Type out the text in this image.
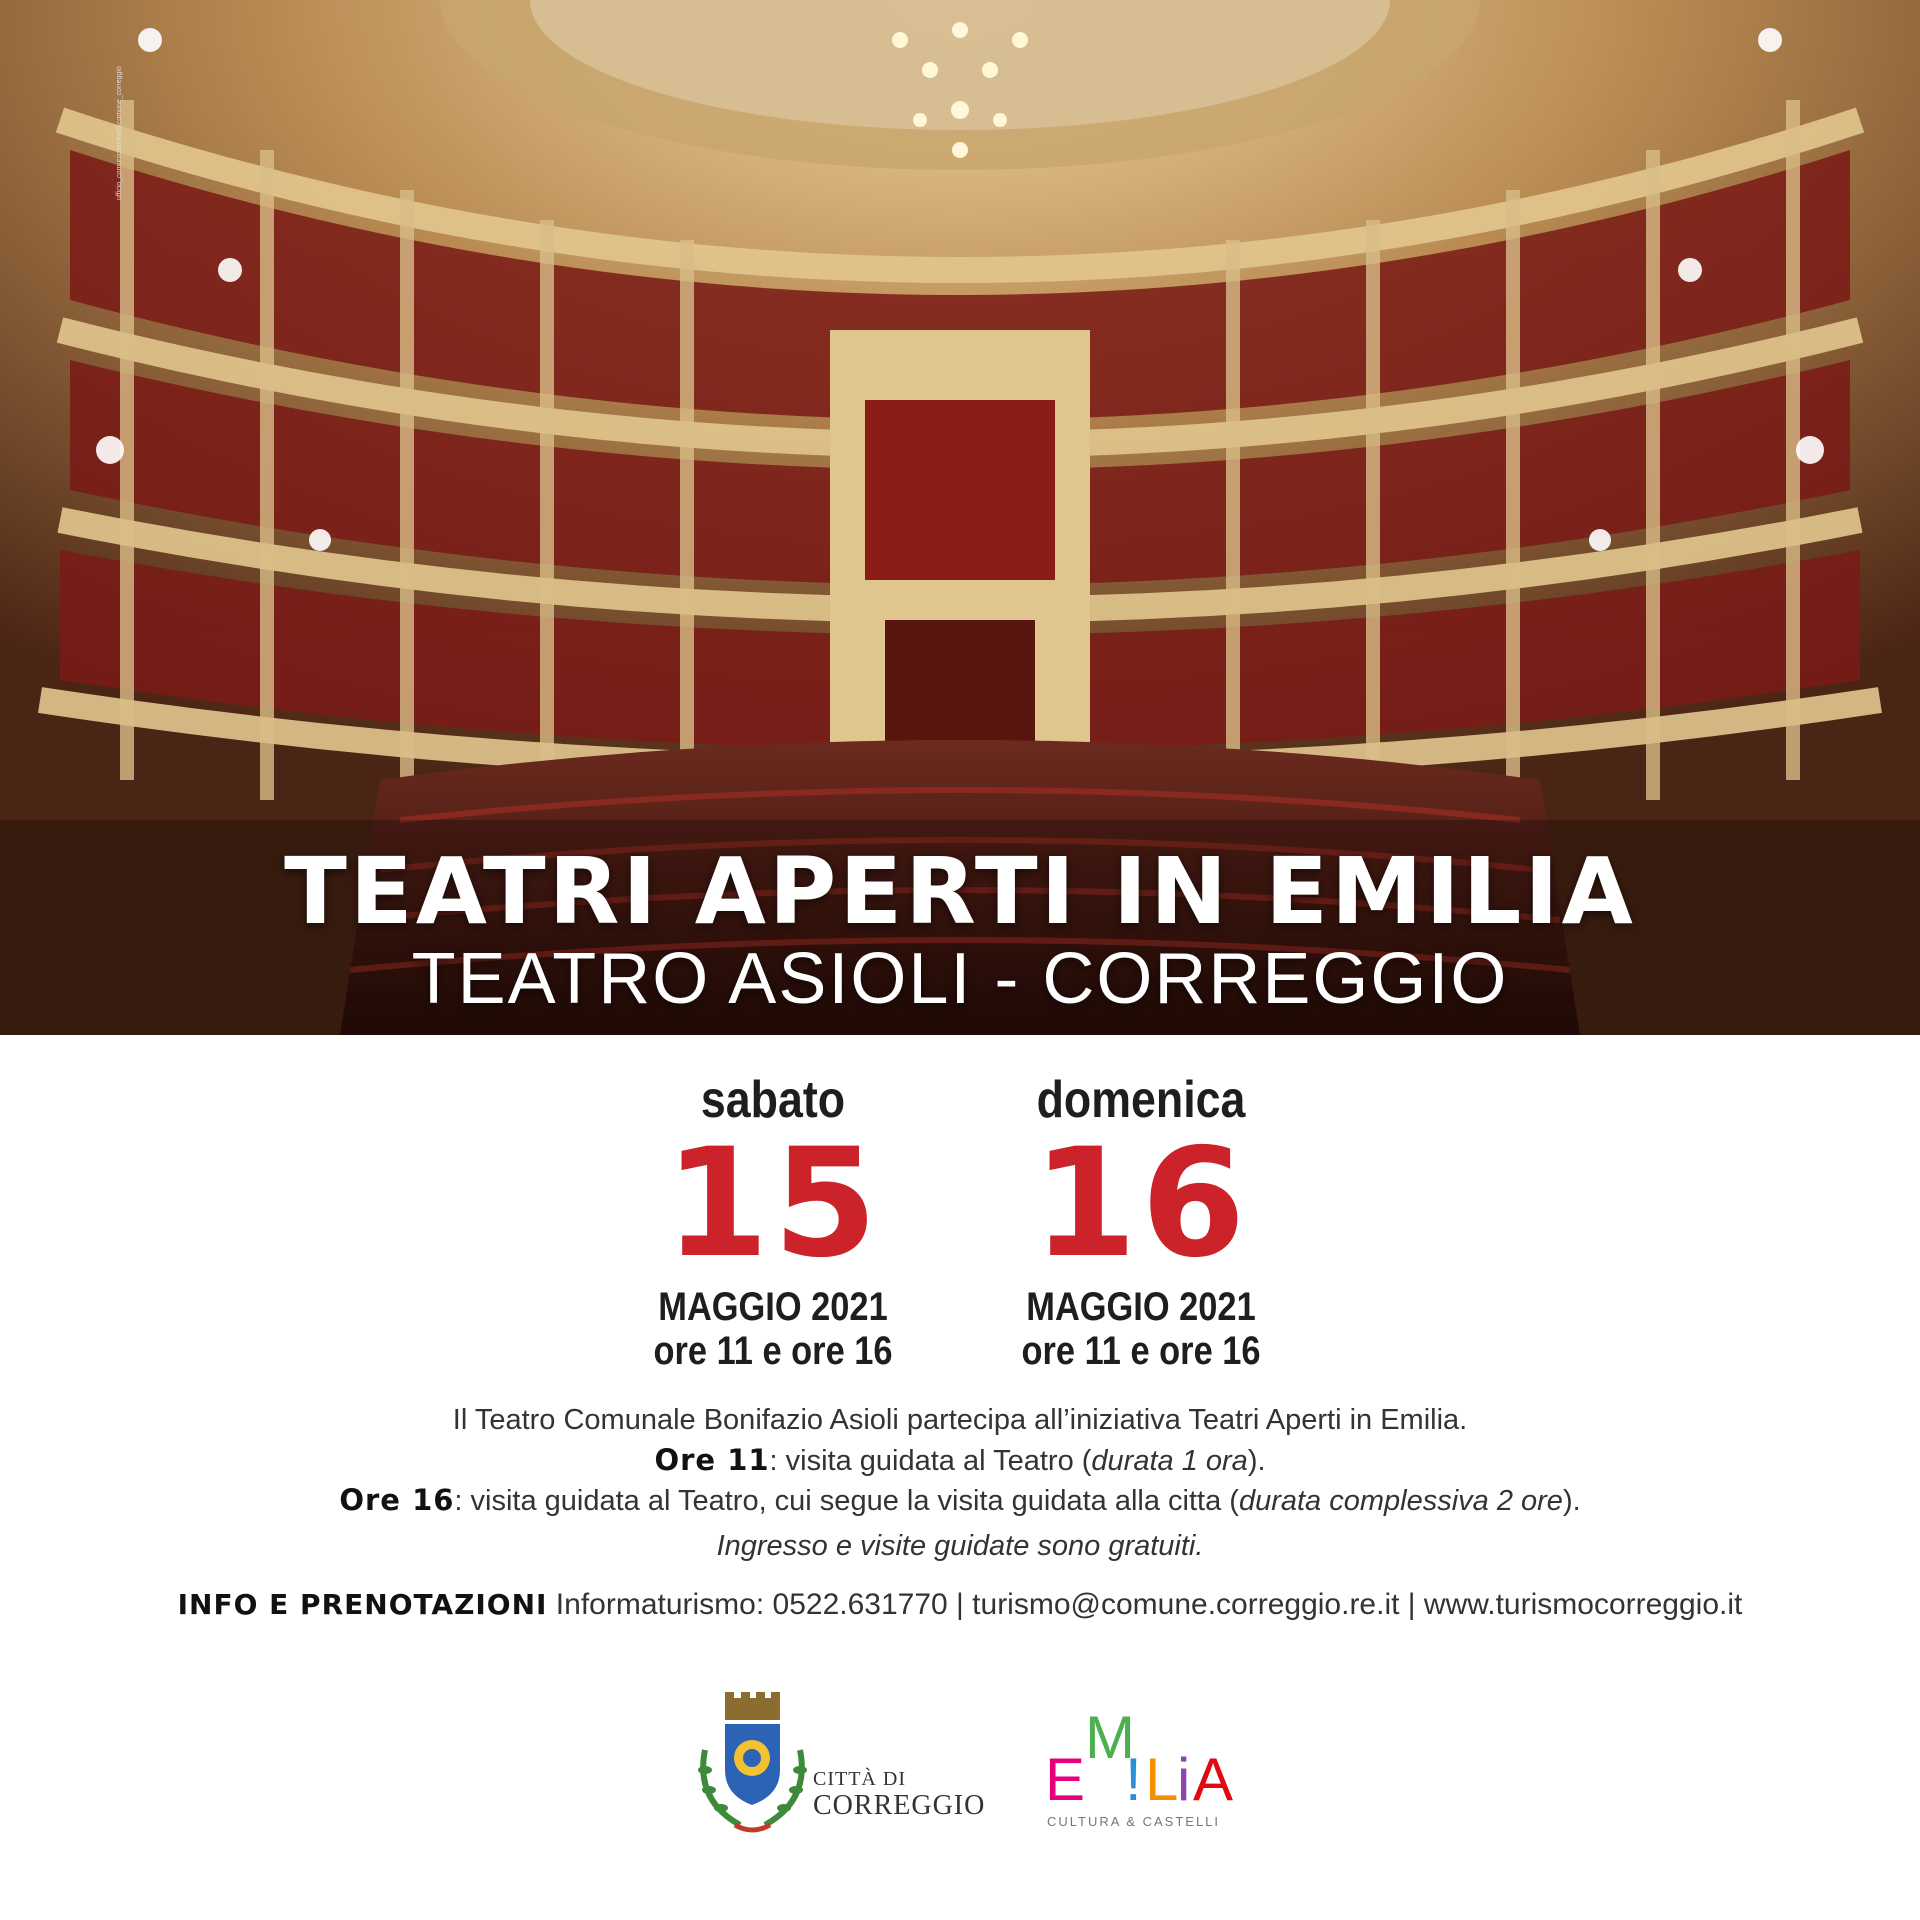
ufficio_comunicazione@comune_correggio
TEATRI APERTI IN EMILIA
TEATRO ASIOLI - CORREGGIO
sabato
15
MAGGIO 2021
ore 11 e ore 16
domenica
16
MAGGIO 2021
ore 11 e ore 16

Il Teatro Comunale Bonifazio Asioli partecipa all’iniziativa Teatri Aperti in Emilia.

Ore 11: visita guidata al Teatro (durata 1 ora).

Ore 16: visita guidata al Teatro, cui segue la visita guidata alla citta (durata complessiva 2 ore).

Ingresso e visite guidate sono gratuiti.
INFO E PRENOTAZIONI Informaturismo: 0522.631770 | turismo@comune.correggio.re.it | www.turismocorreggio.it
CITTÀ DI
CORREGGIO E
M
! L
i A
CULTURA & CASTELLI
